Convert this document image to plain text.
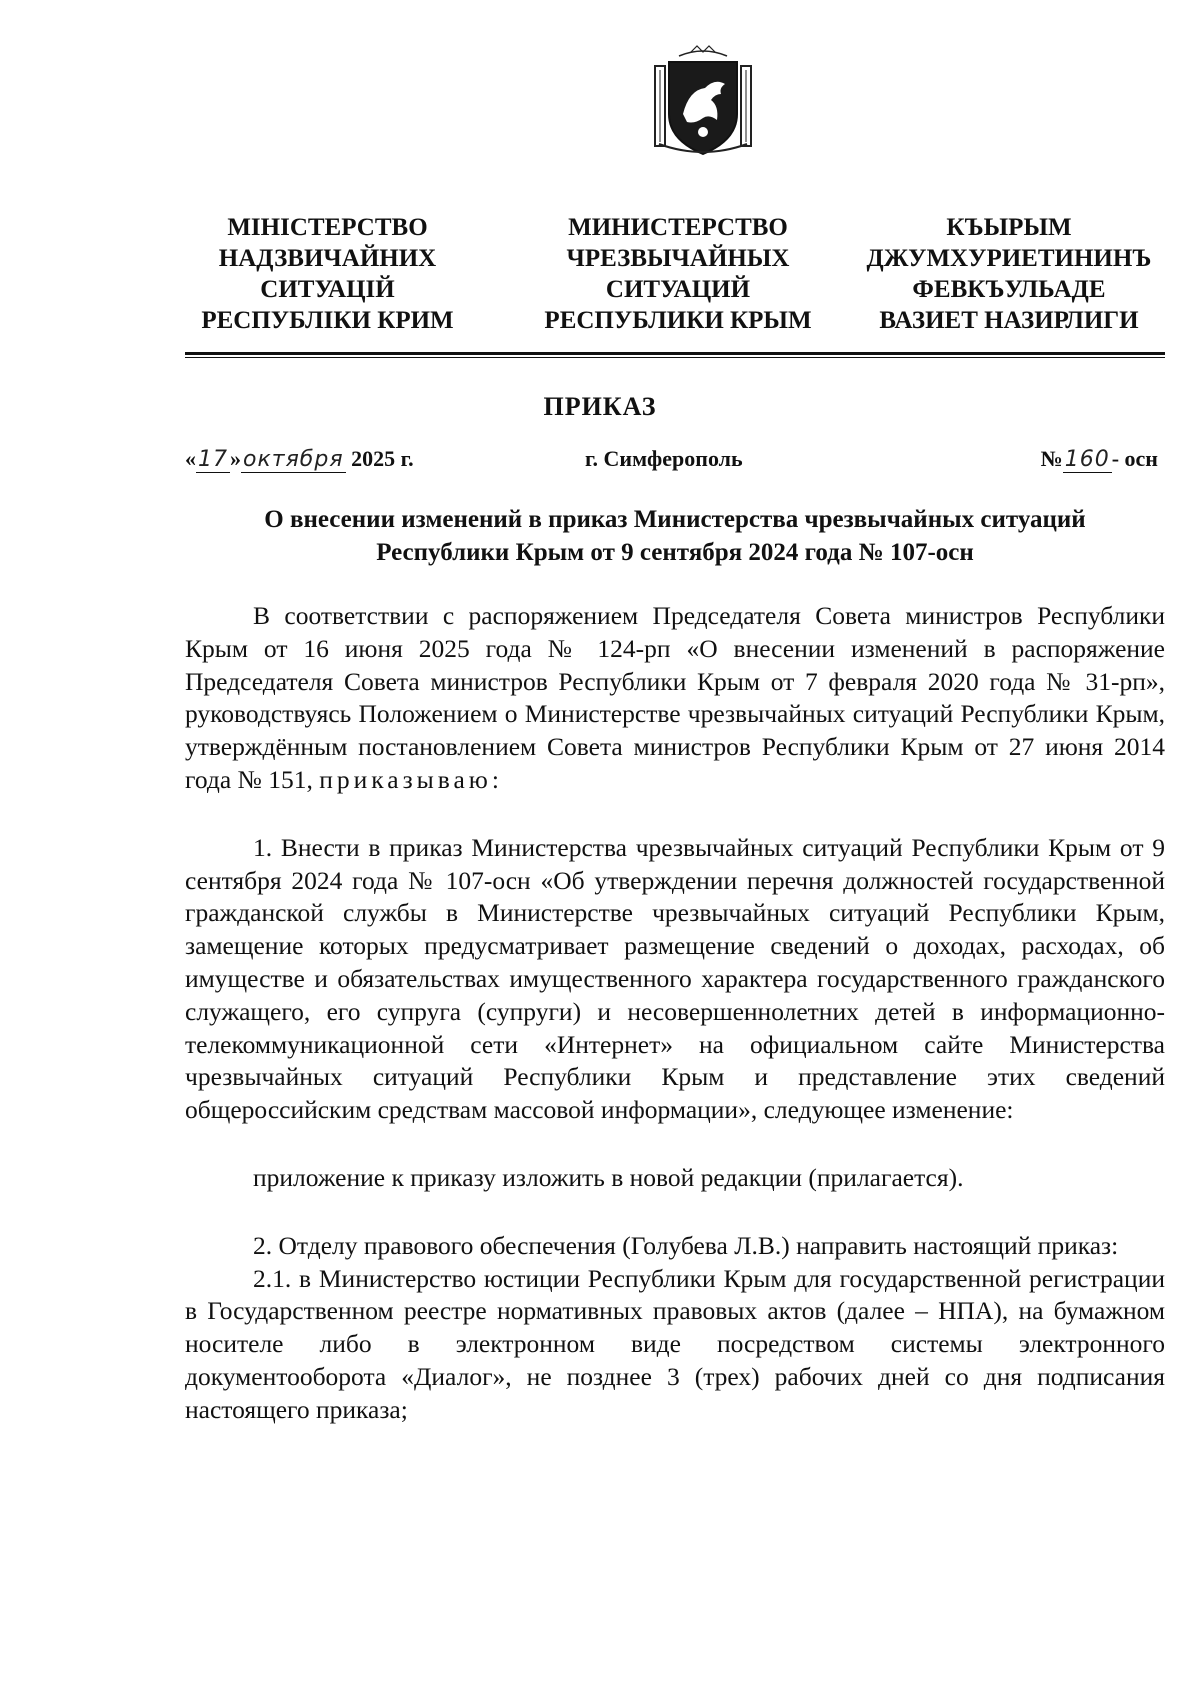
МІНІСТЕРСТВО
НАДЗВИЧАЙНИХ
СИТУАЦІЙ
РЕСПУБЛІКИ КРИМ
МИНИСТЕРСТВО
ЧРЕЗВЫЧАЙНЫХ
СИТУАЦИЙ
РЕСПУБЛИКИ КРЫМ
КЪЫРЫМ
ДЖУМХУРИЕТИНИНЪ
ФЕВКЪУЛЬАДЕ
ВАЗИЕТ НАЗИРЛИГИ
ПРИКАЗ
«17»октября 2025 г.	г. Симферополь	№160- осн

О внесении изменений в приказ Министерства чрезвычайных ситуаций

Республики Крым от 9 сентября 2024 года № 107-осн

В соответствии с распоряжением Председателя Совета министров Республики Крым от 16 июня 2025 года № 124-рп «О внесении изменений в распоряжение Председателя Совета министров Республики Крым от 7 февраля 2020 года № 31-рп», руководствуясь Положением о Министерстве чрезвычайных ситуаций Республики Крым, утверждённым постановлением Совета министров Республики Крым от 27 июня 2014 года № 151, приказываю:

1. Внести в приказ Министерства чрезвычайных ситуаций Республики Крым от 9 сентября 2024 года № 107-осн «Об утверждении перечня должностей государственной гражданской службы в Министерстве чрезвычайных ситуаций Республики Крым, замещение которых предусматривает размещение сведений о доходах, расходах, об имуществе и обязательствах имущественного характера государственного гражданского служащего, его супруга (супруги) и несовершеннолетних детей в информационно-телекоммуникационной сети «Интернет» на официальном сайте Министерства чрезвычайных ситуаций Республики Крым и представление этих сведений общероссийским средствам массовой информации», следующее изменение:

приложение к приказу изложить в новой редакции (прилагается).

2. Отделу правового обеспечения (Голубева Л.В.) направить настоящий приказ:

2.1. в Министерство юстиции Республики Крым для государственной регистрации в Государственном реестре нормативных правовых актов (далее – НПА), на бумажном носителе либо в электронном виде посредством системы электронного документооборота «Диалог», не позднее 3 (трех) рабочих дней со дня подписания настоящего приказа;
